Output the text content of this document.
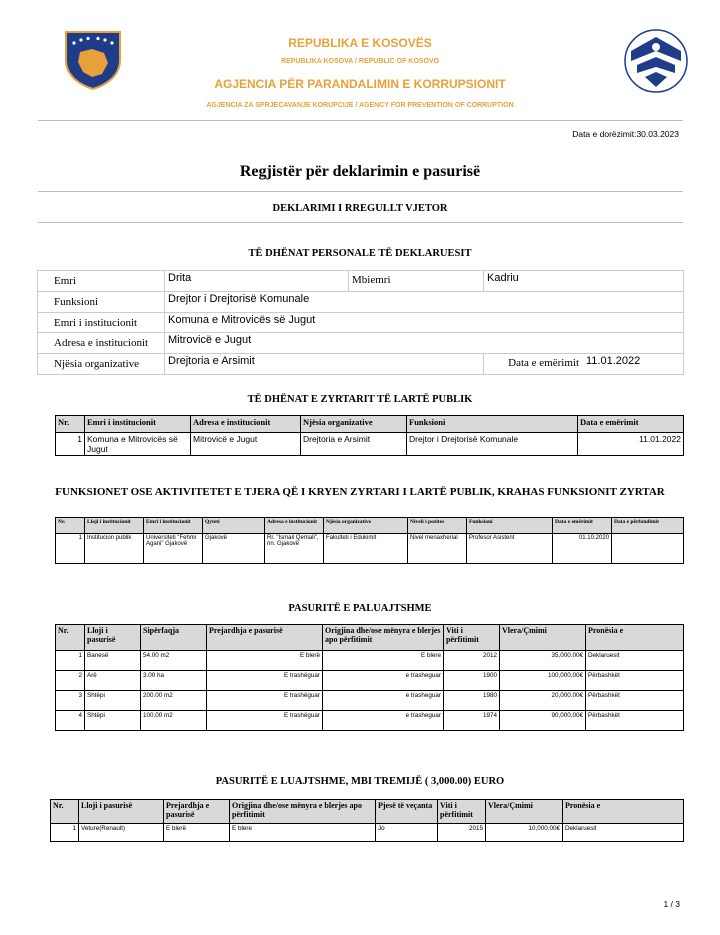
REPUBLIKA E KOSOVËS
REPUBLIKA KOSOVA / REPUBLIC OF KOSOVO
AGJENCIA PËR PARANDALIMIN E KORRUPSIONIT
AGJENCIA ZA SPRJECAVANJE KORUPCIJE / AGENCY FOR PREVENTION OF CORRUPTION
Data e dorëzimit:30.03.2023
Regjistër për deklarimin e pasurisë
DEKLARIMI I RREGULLT VJETOR
TË DHËNAT PERSONALE TË DEKLARUESIT
Emri	Drita	Mbiemri	Kadriu
Funksioni	Drejtor i Drejtorisë Komunale
Emri i institucionit	Komuna e Mitrovicës së Jugut
Adresa e institucionit	Mitrovicë e Jugut
Njësia organizative	Drejtoria e Arsimit	Data e emërimit 11.01.2022
TË DHËNAT E ZYRTARIT TË LARTË PUBLIK
Nr.	Emri i institucionit	Adresa e institucionit	Njësia organizative	Funksioni	Data e emërimit
1	Komuna e Mitrovicës së Jugut	Mitrovicë e Jugut	Drejtoria e Arsimit	Drejtor i Drejtorisë Komunale	11.01.2022
FUNKSIONET OSE AKTIVITETET E TJERA QË I KRYEN ZYRTARI I LARTË PUBLIK, KRAHAS FUNKSIONIT ZYRTAR
Nr.	Lloji i institucionit	Emri i institucionit	Qyteti	Adresa e institucionit	Njësia organizative	Niveli i pozites	Funksioni	Data e emërimit	Data e përfundimit
1	Institucion publik	Universiteti "Fehmi Agani" Gjakovë	Gjakovë	Rr. "Ismail Qemali", nn. Gjakovë	Fakulteti i Edukimit	Nivel menaxherial	Profesor Asistent	01.10.2020	
PASURITË E PALUAJTSHME
Nr.	Lloji i pasurisë	Sipërfaqja	Prejardhja e pasurisë	Origjina dhe/ose mënyra e blerjes apo përfitimit	Viti i përfitimit	Vlera/Çmimi	Pronësia e
1	Banesë	54.00 m2	E blerë	E blere	2012	35,000.00€	Deklaruesit
2	Arë	3.00 ha	E trashëguar	e trasheguar	1900	100,000.00€	Përbashkët
3	Shtëpi	200.00 m2	E trashëguar	e trasheguar	1980	20,000.00€	Përbashkët
4	Shtëpi	100.00 m2	E trashëguar	e trasheguar	1974	90,000.00€	Përbashkët
PASURITË E LUAJTSHME, MBI TREMIJË ( 3,000.00) EURO
Nr.	Lloji i pasurisë	Prejardhja e pasurisë	Origjina dhe/ose mënyra e blerjes apo përfitimit	Pjesë të veçanta	Viti i përfitimit	Vlera/Çmimi	Pronësia e
1	Veture(Renault)	E blerë	E blere	Jo	2015	10,000.00€	Deklaruesit
1 / 3
